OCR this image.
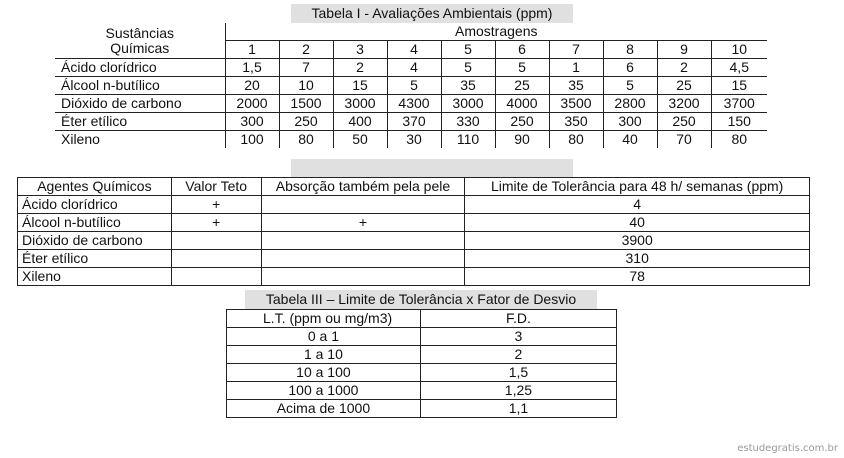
Tabela I - Avaliações Ambientais (ppm)
Sustâncias
Químicas	Amostragens									
	1	2	3	4	5	6	7	8	9	10
Ácido clorídrico	1,5	7	2	4	5	5	1	6	2	4,5
Álcool n-butílico	20	10	15	5	35	25	35	5	25	15
Dióxido de carbono	2000	1500	3000	4300	3000	4000	3500	2800	3200	3700
Éter etílico	300	250	400	370	330	250	350	300	250	150
Xileno	100	80	50	30	110	90	80	40	70	80
Agentes Químicos	Valor Teto	Absorção também pela pele	Limite de Tolerância para 48 h/ semanas (ppm)
Ácido clorídrico	+		4
Álcool n-butílico	+	+	40
Dióxido de carbono			3900
Éter etílico			310
Xileno			78
Tabela III – Limite de Tolerância x Fator de Desvio
L.T. (ppm ou mg/m3)	F.D.
0 a 1	3
1 a 10	2
10 a 100	1,5
100 a 1000	1,25
Acima de 1000	1,1
estudegratis.com.br
